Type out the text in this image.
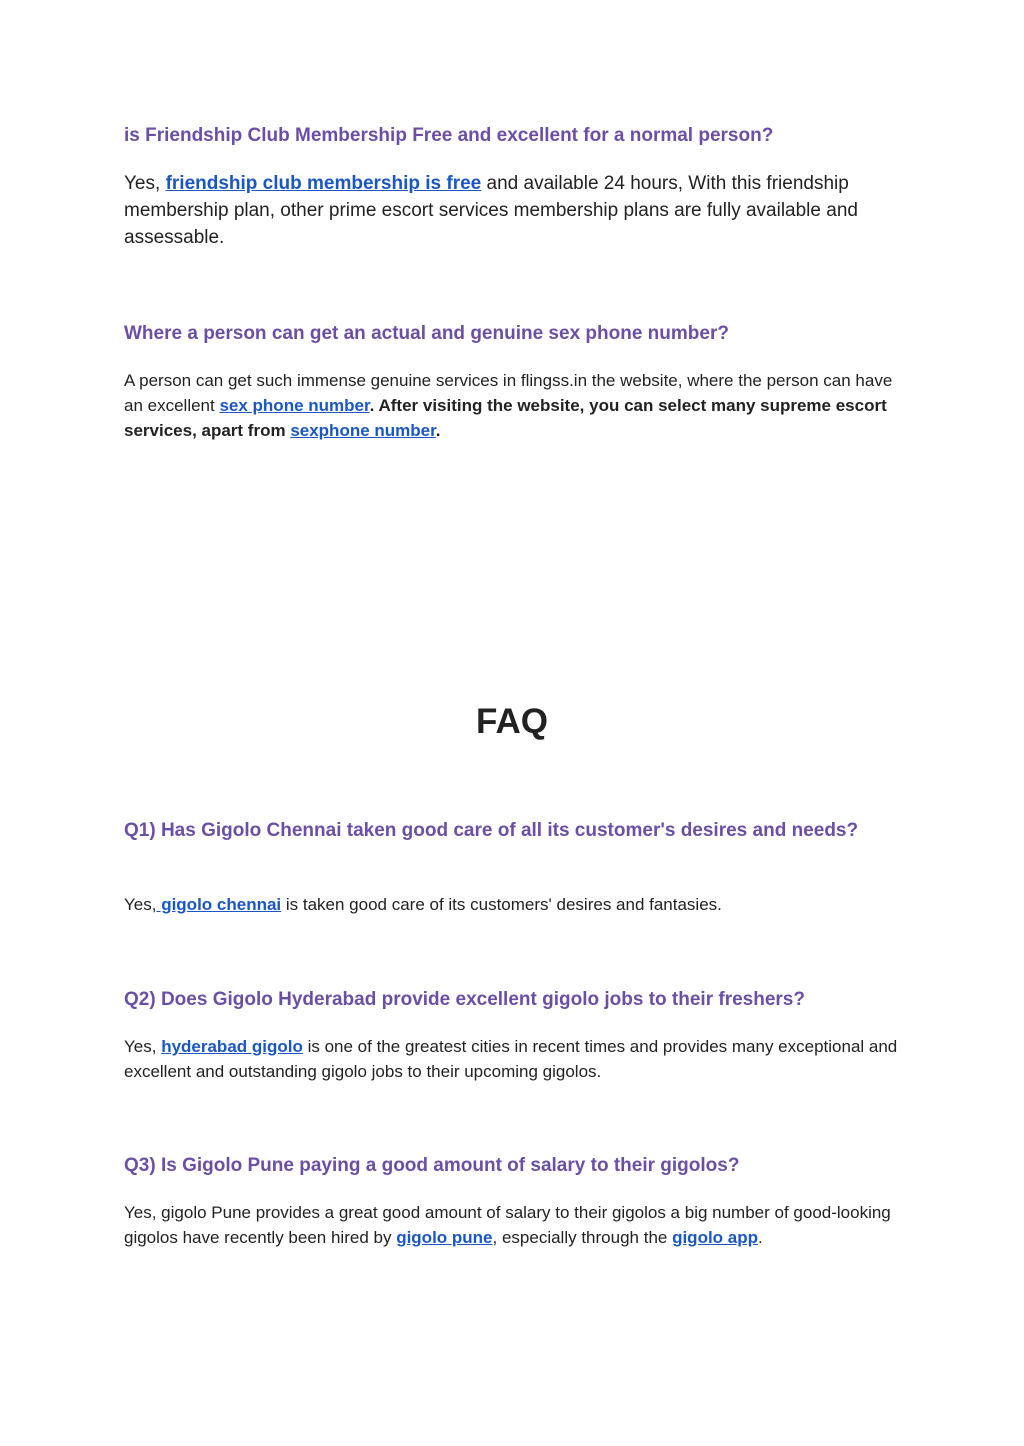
is Friendship Club Membership Free and excellent for a normal person?

Yes, friendship club membership is free and available 24 hours, With this friendship membership plan, other prime escort services membership plans are fully available and assessable.

Where a person can get an actual and genuine sex phone number?

A person can get such immense genuine services in flingss.in the website, where the person can have an excellent sex phone number. After visiting the website, you can select many supreme escort services, apart from sexphone number.

FAQ
Q1) Has Gigolo Chennai taken good care of all its customer's desires and needs?

Yes, gigolo chennai is taken good care of its customers' desires and fantasies.

Q2) Does Gigolo Hyderabad provide excellent gigolo jobs to their freshers?

Yes, hyderabad gigolo is one of the greatest cities in recent times and provides many exceptional and excellent and outstanding gigolo jobs to their upcoming gigolos.

Q3) Is Gigolo Pune paying a good amount of salary to their gigolos?

Yes, gigolo Pune provides a great good amount of salary to their gigolos a big number of good-looking gigolos have recently been hired by gigolo pune, especially through the gigolo app.
